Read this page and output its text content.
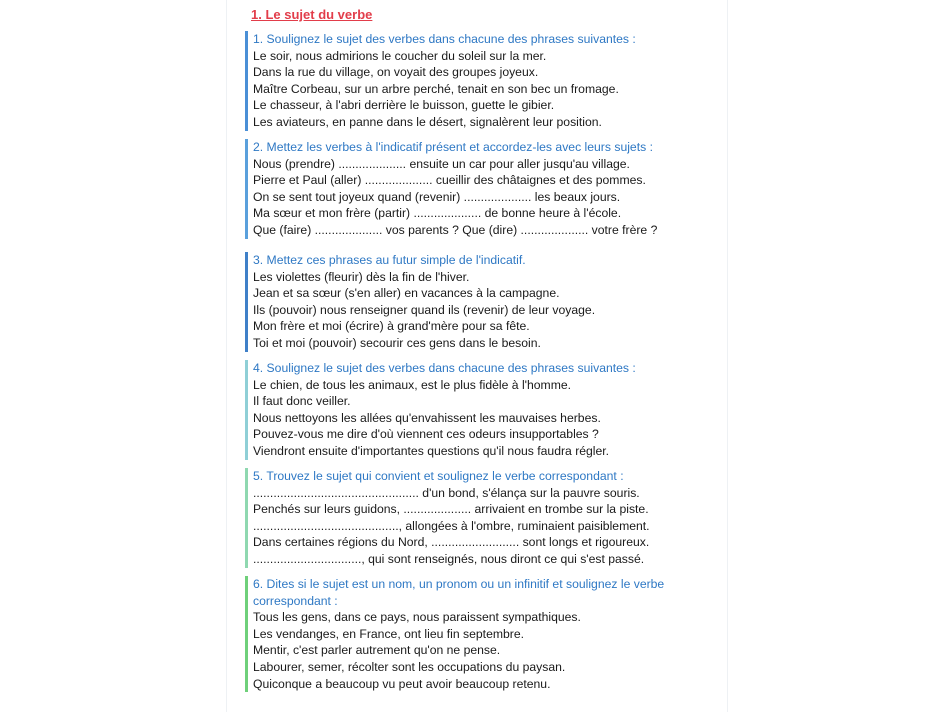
1. Le sujet du verbe
1. Soulignez le sujet des verbes dans chacune des phrases suivantes :
Le soir, nous admirions le coucher du soleil sur la mer.
Dans la rue du village, on voyait des groupes joyeux.
Maître Corbeau, sur un arbre perché, tenait en son bec un fromage.
Le chasseur, à l'abri derrière le buisson, guette le gibier.
Les aviateurs, en panne dans le désert, signalèrent leur position.
2. Mettez les verbes à l'indicatif présent et accordez-les avec leurs sujets :
Nous (prendre) .................... ensuite un car pour aller jusqu'au village.
Pierre et Paul (aller) .................... cueillir des châtaignes et des pommes.
On se sent tout joyeux quand (revenir) .................... les beaux jours.
Ma sœur et mon frère (partir) .................... de bonne heure à l'école.
Que (faire) .................... vos parents ? Que (dire) .................... votre frère ?
3. Mettez ces phrases au futur simple de l'indicatif.
Les violettes (fleurir) dès la fin de l'hiver.
Jean et sa sœur (s'en aller) en vacances à la campagne.
Ils (pouvoir) nous renseigner quand ils (revenir) de leur voyage.
Mon frère et moi (écrire) à grand'mère pour sa fête.
Toi et moi (pouvoir) secourir ces gens dans le besoin.
4. Soulignez le sujet des verbes dans chacune des phrases suivantes :
Le chien, de tous les animaux, est le plus fidèle à l'homme.
Il faut donc veiller.
Nous nettoyons les allées qu'envahissent les mauvaises herbes.
Pouvez-vous me dire d'où viennent ces odeurs insupportables ?
Viendront ensuite d'importantes questions qu'il nous faudra régler.
5. Trouvez le sujet qui convient et soulignez le verbe correspondant :
................................................. d'un bond, s'élança sur la pauvre souris.
Penchés sur leurs guidons, .................... arrivaient en trombe sur la piste.
..........................................., allongées à l'ombre, ruminaient paisiblement.
Dans certaines régions du Nord, .......................... sont longs et rigoureux.
................................, qui sont renseignés, nous diront ce qui s'est passé.
6. Dites si le sujet est un nom, un pronom ou un infinitif et soulignez le verbe correspondant :
Tous les gens, dans ce pays, nous paraissent sympathiques.
Les vendanges, en France, ont lieu fin septembre.
Mentir, c'est parler autrement qu'on ne pense.
Labourer, semer, récolter sont les occupations du paysan.
Quiconque a beaucoup vu peut avoir beaucoup retenu.
